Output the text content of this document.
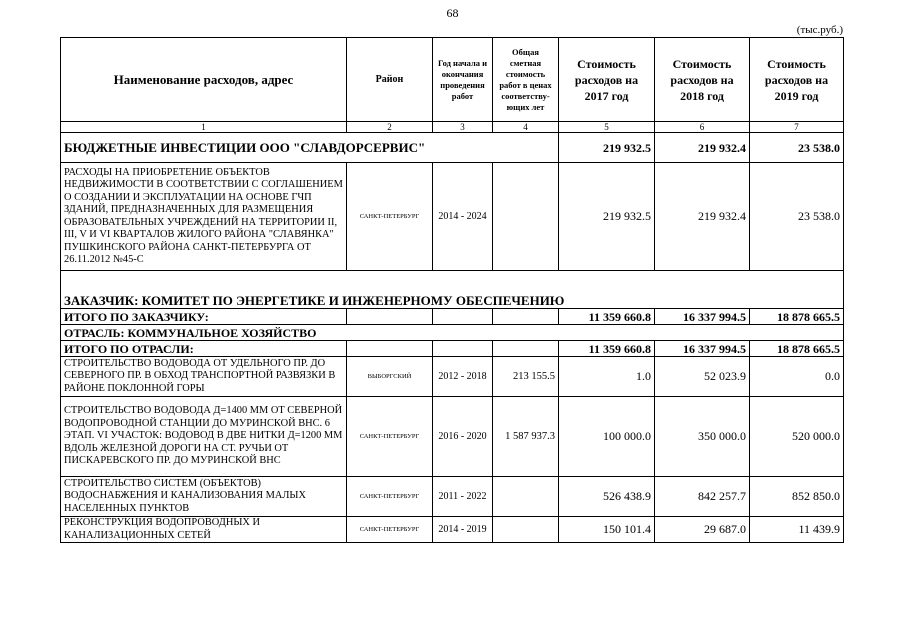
68
(тыс.руб.)
Наименование расходов, адрес	Район	Год начала и окончания проведения работ	Общая сметная стоимость работ в ценах соответству-ющих лет	Стоимость расходов на 2017 год	Стоимость расходов на 2018 год	Стоимость расходов на 2019 год
1	2	3	4	5	6	7
БЮДЖЕТНЫЕ ИНВЕСТИЦИИ ООО "СЛАВДОРСЕРВИС"				219 932.5	219 932.4	23 538.0
РАСХОДЫ НА ПРИОБРЕТЕНИЕ ОБЪЕКТОВ НЕДВИЖИМОСТИ В СООТВЕТСТВИИ С СОГЛАШЕНИЕМ О СОЗДАНИИ И ЭКСПЛУАТАЦИИ НА ОСНОВЕ ГЧП ЗДАНИЙ, ПРЕДНАЗНАЧЕННЫХ ДЛЯ РАЗМЕЩЕНИЯ ОБРАЗОВАТЕЛЬНЫХ УЧРЕЖДЕНИЙ НА ТЕРРИТОРИИ II, III, V И VI КВАРТАЛОВ ЖИЛОГО РАЙОНА "СЛАВЯНКА" ПУШКИНСКОГО РАЙОНА САНКТ-ПЕТЕРБУРГА ОТ 26.11.2012 №45-С	САНКТ-ПЕТЕРБУРГ	2014 - 2024		219 932.5	219 932.4	23 538.0
ЗАКАЗЧИК: КОМИТЕТ ПО ЭНЕРГЕТИКЕ И ИНЖЕНЕРНОМУ ОБЕСПЕЧЕНИЮ						
ИТОГО ПО ЗАКАЗЧИКУ:				11 359 660.8	16 337 994.5	18 878 665.5
ОТРАСЛЬ: КОММУНАЛЬНОЕ ХОЗЯЙСТВО						
ИТОГО ПО ОТРАСЛИ:				11 359 660.8	16 337 994.5	18 878 665.5
СТРОИТЕЛЬСТВО ВОДОВОДА ОТ УДЕЛЬНОГО ПР. ДО СЕВЕРНОГО ПР. В ОБХОД ТРАНСПОРТНОЙ РАЗВЯЗКИ В РАЙОНЕ ПОКЛОННОЙ ГОРЫ	ВЫБОРГСКИЙ	2012 - 2018	213 155.5	1.0	52 023.9	0.0
СТРОИТЕЛЬСТВО ВОДОВОДА Д=1400 ММ ОТ СЕВЕРНОЙ ВОДОПРОВОДНОЙ СТАНЦИИ ДО МУРИНСКОЙ ВНС. 6 ЭТАП. VI УЧАСТОК: ВОДОВОД В ДВЕ НИТКИ Д=1200 ММ ВДОЛЬ ЖЕЛЕЗНОЙ ДОРОГИ НА СТ. РУЧЬИ ОТ ПИСКАРЕВСКОГО ПР. ДО МУРИНСКОЙ ВНС	САНКТ-ПЕТЕРБУРГ	2016 - 2020	1 587 937.3	100 000.0	350 000.0	520 000.0
СТРОИТЕЛЬСТВО СИСТЕМ (ОБЪЕКТОВ) ВОДОСНАБЖЕНИЯ И КАНАЛИЗОВАНИЯ МАЛЫХ НАСЕЛЕННЫХ ПУНКТОВ	САНКТ-ПЕТЕРБУРГ	2011 - 2022		526 438.9	842 257.7	852 850.0
РЕКОНСТРУКЦИЯ ВОДОПРОВОДНЫХ И КАНАЛИЗАЦИОННЫХ СЕТЕЙ	САНКТ-ПЕТЕРБУРГ	2014 - 2019		150 101.4	29 687.0	11 439.9
